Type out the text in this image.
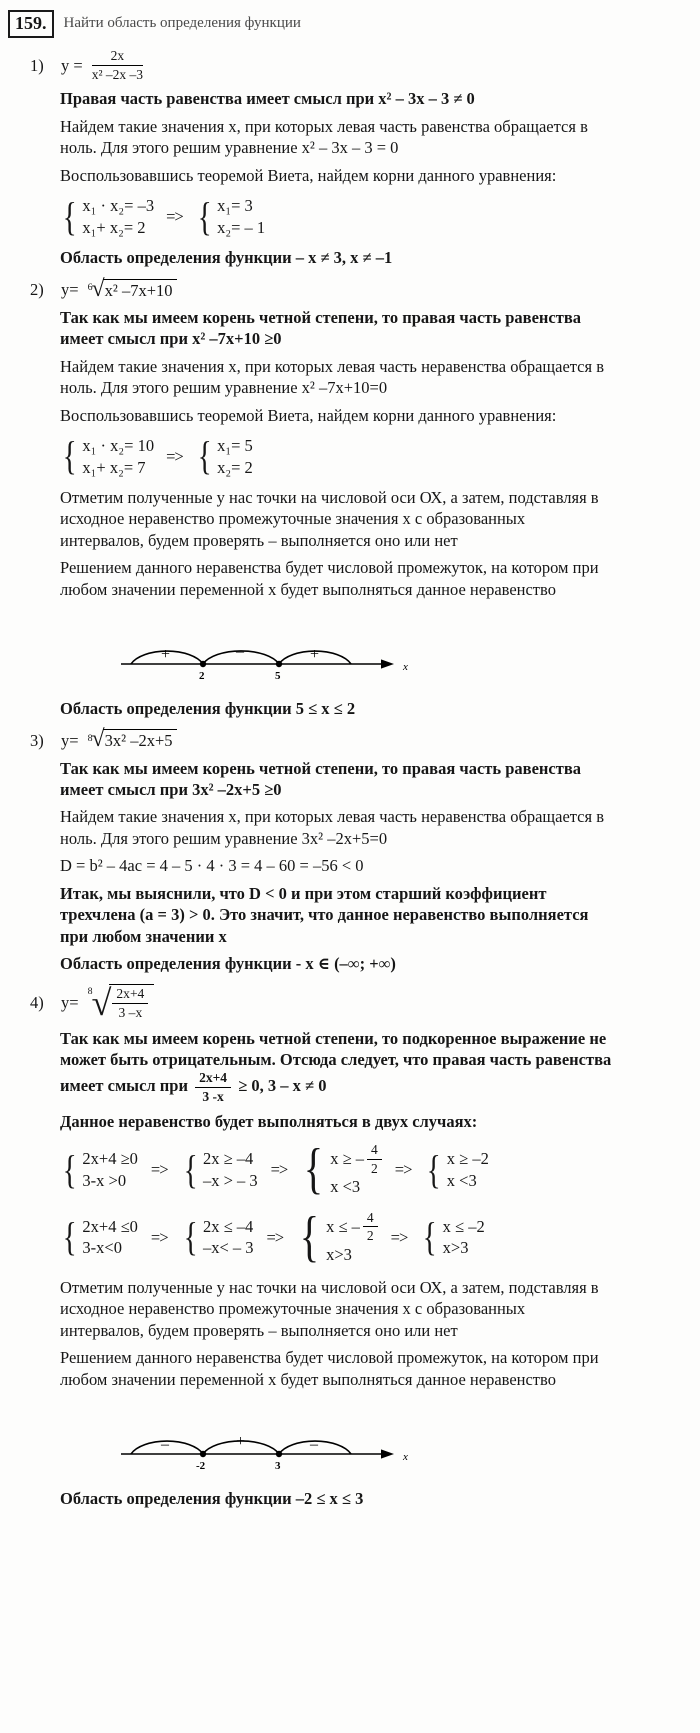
159.	Найти область определения функции
1)	$y = \frac{2x}{\text{x² –2x –3}}$

Правая часть равенства имеет смысл при x² – 3x – 3 ≠ 0

Найдем такие значения x, при которых левая часть равенства обращается в ноль. Для этого решим уравнение x² – 3x – 3 = 0

Воспользовавшись теоремой Виета, найдем корни данного уравнения:

{ x₁ · x₂= –3
x₁+ x₂= 2
=> { x₁= 3
x₂= – 1

Область определения функции – x ≠ 3, x ≠ –1

2)	y= 6 √ x² –7x+10

Так как мы имеем корень четной степени, то правая часть равенства имеет смысл при x² –7x+10 ≥0

Найдем такие значения x, при которых левая часть неравенства обращается в ноль. Для этого решим уравнение x² –7x+10=0

Воспользовавшись теоремой Виета, найдем корни данного уравнения:

{ x₁ · x₂= 10
x₁+ x₂= 7
=> { x₁= 5
x₂= 2

Отметим полученные у нас точки на числовой оси ОХ, а затем, подставляя в исходное неравенство промежуточные значения х с образованных интервалов, будем проверять – выполняется оно или нет

Решением данного неравенства будет числовой промежуток, на котором при любом значении переменной х будет выполняться данное неравенство

+	–	+
2	5
x

Область определения функции 5 ≤ x ≤ 2

3)	y= 8 √ 3x² –2x+5

Так как мы имеем корень четной степени, то правая часть равенства имеет смысл при 3x² –2x+5 ≥0

Найдем такие значения x, при которых левая часть неравенства обращается в ноль. Для этого решим уравнение 3x² –2x+5=0

D = b² – 4ac = 4 – 5 · 4 · 3 = 4 – 60 = –56 < 0

Итак, мы выяснили, что D < 0 и при этом старший коэффициент трехчлена (a = 3) > 0. Это значит, что данное неравенство выполняется при любом значении x

Область определения функции - x ∈ (–∞; +∞)

4)	y=
8 √ $\frac{2x+4}{3 -x}$

Так как мы имеем корень четной степени, то подкоренное выражение не может быть отрицательным. Отсюда следует, что правая часть равенства имеет смысл при $\frac{2x+4}{3 -x} \ge 0$, 3 – x ≠ 0

Данное неравенство будет выполняться в двух случаях:

{ 2x+4 ≥0
3-x >0
=> { 2x ≥ –4
–x > – 3
=> { x ≥ – $\frac{4}{2}$
x <3
=> { x ≥ –2
x <3
{ 2x+4 ≤0
3-x<0
=> { 2x ≤ –4
–x< – 3
=> { x ≤ – $\frac{4}{2}$
x>3
=> { x ≤ –2
x>3

Отметим полученные у нас точки на числовой оси ОХ, а затем, подставляя в исходное неравенство промежуточные значения х с образованных интервалов, будем проверять – выполняется оно или нет

Решением данного неравенства будет числовой промежуток, на котором при любом значении переменной х будет выполняться данное неравенство

–	+	–
-2	3
x

Область определения функции –2 ≤ x ≤ 3
